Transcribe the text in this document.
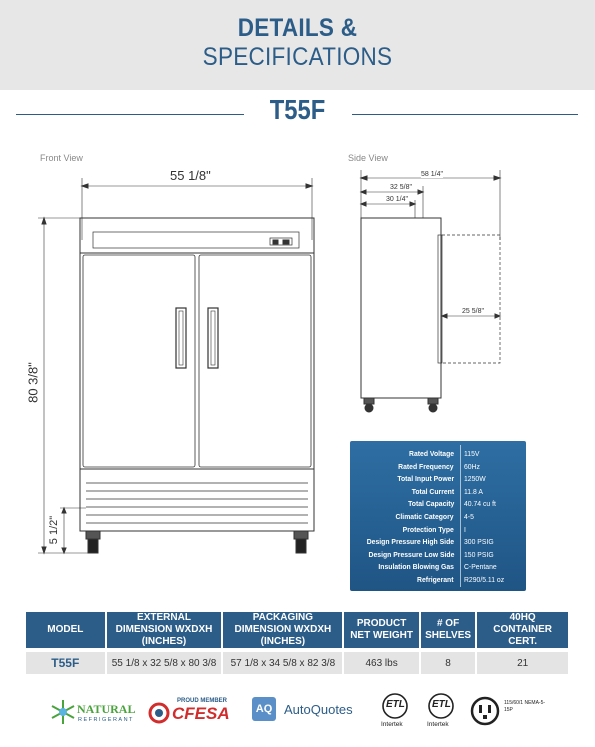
DETAILS &
SPECIFICATIONS
T55F
Front View	Side View
55 1/8"
80 3/8"
5 1/2"
58 1/4"
32 5/8"
30 1/4"
25 5/8"
Rated Voltage 115V
Rated Frequency 60Hz
Total Input Power 1250W
Total Current 11.8 A
Total Capacity 40.74 cu ft
Climatic Category 4-5
Protection Type I
Design Pressure High Side 300 PSIG
Design Pressure Low Side 150 PSIG
Insulation Blowing Gas C-Pentane
Refrigerant R290/5.11 oz
MODEL	EXTERNAL DIMENSION WXDXH (INCHES)	PACKAGING DIMENSION WXDXH (INCHES)	PRODUCT NET WEIGHT	# OF SHELVES	40HQ CONTAINER CERT.
T55F	55 1/8 x 32 5/8 x 80 3/8	57 1/8 x 34 5/8 x 82 3/8	463 lbs	8	21
NATURAL
REFRIGERANT
PROUD MEMBER
CFESA	AQ AutoQuotes	ETL
Intertek
ETL
Intertek
115/60/1 NEMA-5-15P
